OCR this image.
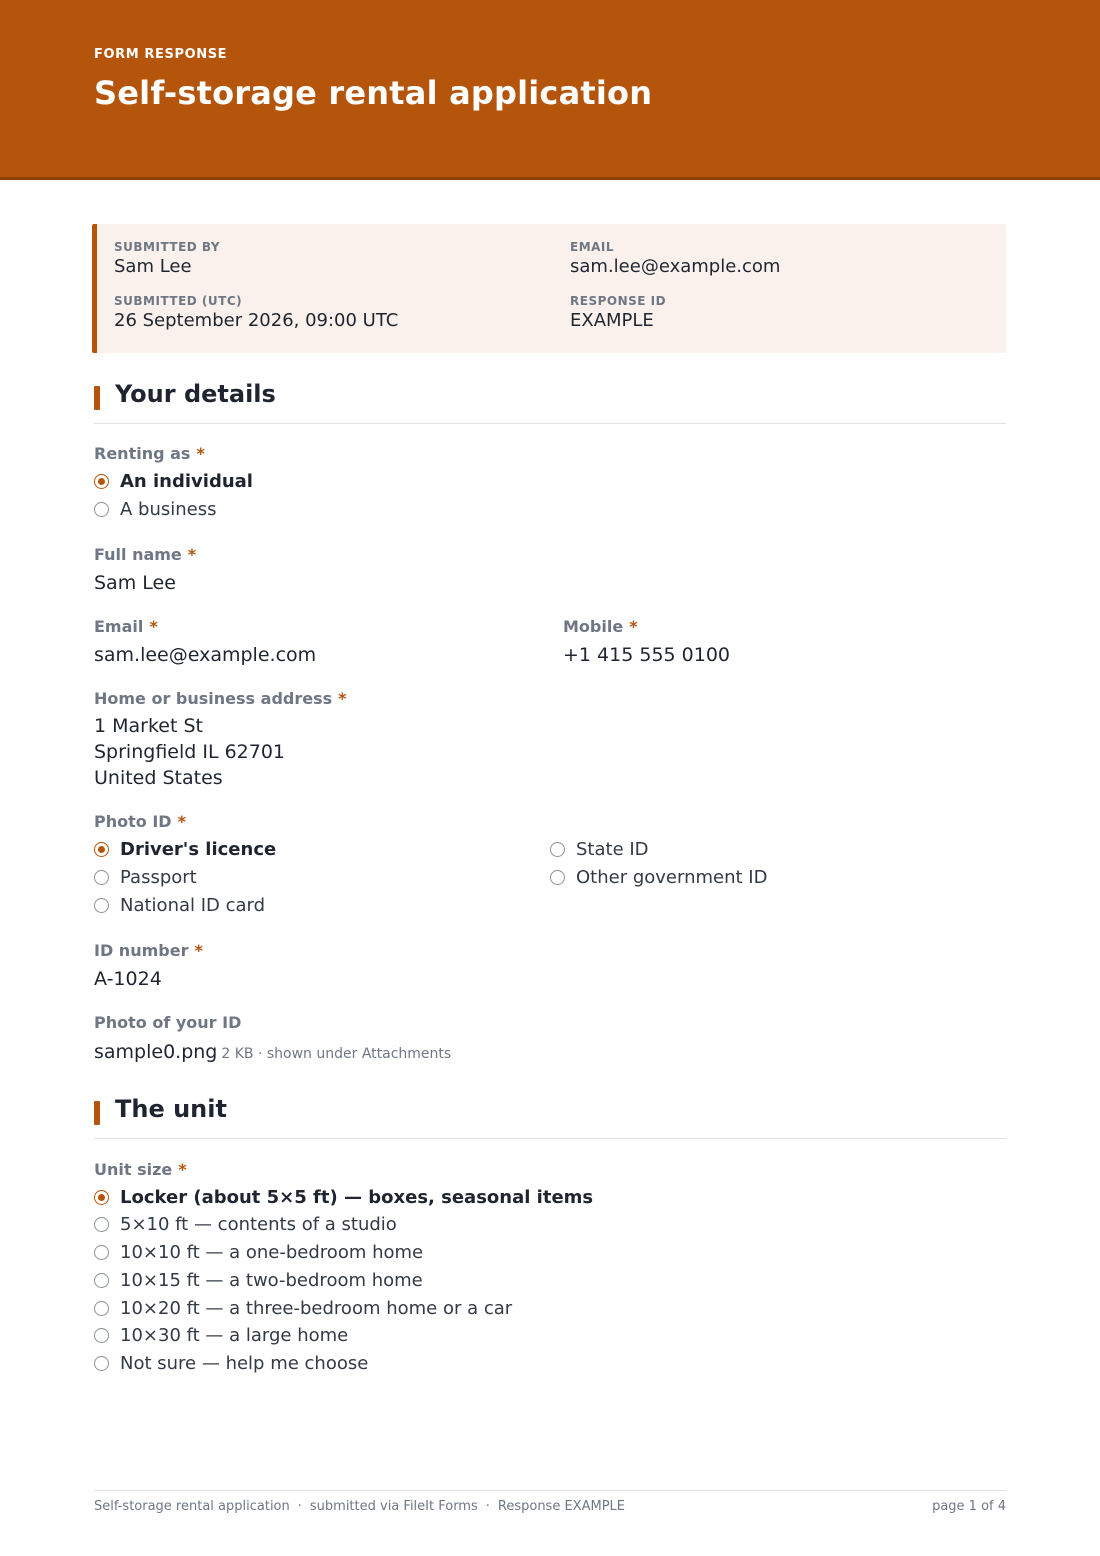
FORM RESPONSE
Self-storage rental application
SUBMITTED BY
Sam Lee
EMAIL
sam.lee@example.com
SUBMITTED (UTC)
26 September 2026, 09:00 UTC
RESPONSE ID
EXAMPLE
Your details
Renting as *
An individual
A business
Full name *
Sam Lee
Email *
sam.lee@example.com
Mobile *
+1 415 555 0100
Home or business address *
1 Market St
Springfield IL 62701
United States
Photo ID *
Driver's licence
Passport
National ID card
State ID
Other government ID
ID number *
A-1024
Photo of your ID
sample0.png 2 KB · shown under Attachments
The unit
Unit size *
Locker (about 5×5 ft) — boxes, seasonal items
5×10 ft — contents of a studio
10×10 ft — a one-bedroom home
10×15 ft — a two-bedroom home
10×20 ft — a three-bedroom home or a car
10×30 ft — a large home
Not sure — help me choose
Self-storage rental application · submitted via FileIt Forms · Response EXAMPLE	page 1 of 4
